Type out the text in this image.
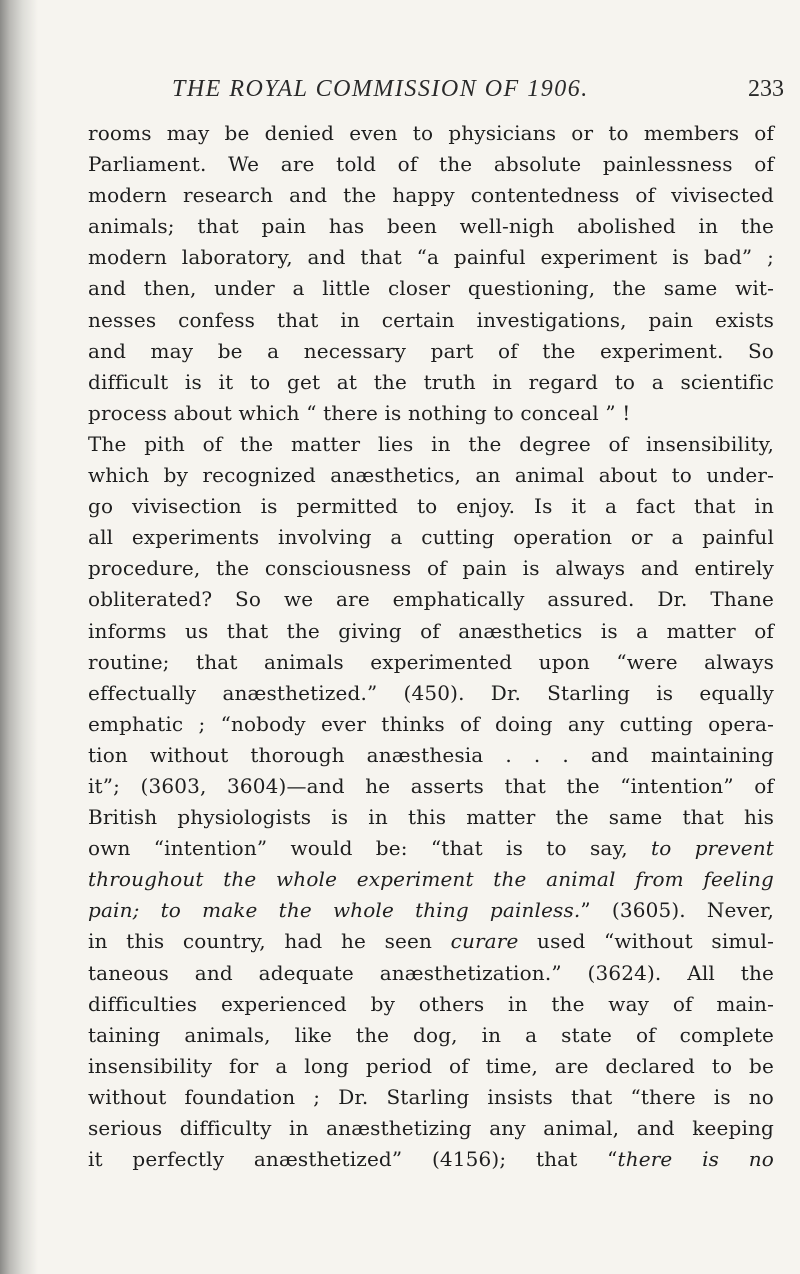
THE ROYAL COMMISSION OF 1906.	233
rooms may be denied even to physicians or to members of
Parliament. We are told of the absolute painlessness of
modern research and the happy contentedness of vivisected
animals; that pain has been well-nigh abolished in the
modern laboratory, and that “a painful experiment is bad” ;
and then, under a little closer questioning, the same wit-
nesses confess that in certain investigations, pain exists
and may be a necessary part of the experiment. So
difficult is it to get at the truth in regard to a scientific
process about which “ there is nothing to conceal ” !
The pith of the matter lies in the degree of insensibility,
which by recognized anæsthetics, an animal about to under-
go vivisection is permitted to enjoy. Is it a fact that in
all experiments involving a cutting operation or a painful
procedure, the consciousness of pain is always and entirely
obliterated? So we are emphatically assured. Dr. Thane
informs us that the giving of anæsthetics is a matter of
routine; that animals experimented upon “were always
effectually anæsthetized.” (450). Dr. Starling is equally
emphatic ; “nobody ever thinks of doing any cutting opera-
tion without thorough anæsthesia . . . and maintaining
it”; (3603, 3604)—and he asserts that the “intention” of
British physiologists is in this matter the same that his
own “intention” would be: “that is to say, to prevent
throughout the whole experiment the animal from feeling
pain; to make the whole thing painless.” (3605). Never,
in this country, had he seen curare used “without simul-
taneous and adequate anæsthetization.” (3624). All the
difficulties experienced by others in the way of main-
taining animals, like the dog, in a state of complete
insensibility for a long period of time, are declared to be
without foundation ; Dr. Starling insists that “there is no
serious difficulty in anæsthetizing any animal, and keeping
it perfectly anæsthetized” (4156); that “there is no
